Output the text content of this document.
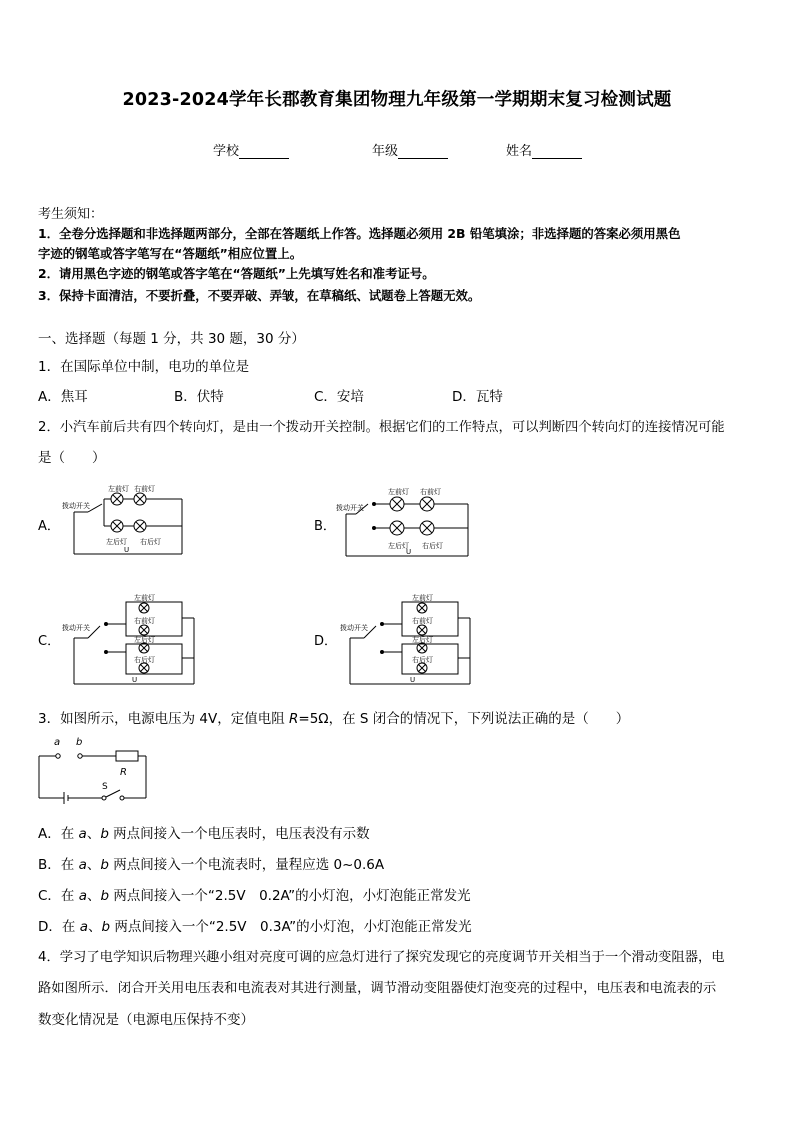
2023-2024学年长郡教育集团物理九年级第一学期期末复习检测试题
学校	年级	姓名
考生须知：
1．全卷分选择题和非选择题两部分，全部在答题纸上作答。选择题必须用 2B 铅笔填涂；非选择题的答案必须用黑色
字迹的钢笔或答字笔写在“答题纸”相应位置上。
2．请用黑色字迹的钢笔或答字笔在“答题纸”上先填写姓名和准考证号。
3．保持卡面清洁，不要折叠，不要弄破、弄皱，在草稿纸、试题卷上答题无效。
一、选择题（每题 1 分，共 30 题，30 分）
1．在国际单位中制，电功的单位是
A．焦耳	B．伏特	C．安培	D．瓦特
2．小汽车前后共有四个转向灯，是由一个拨动开关控制。根据它们的工作特点，可以判断四个转向灯的连接情况可能
是（　　）
A．	B．
C．	D．
拨动开关
左前灯 右前灯
左后灯 右后灯
U
拨动开关
左前灯 右前灯
左后灯 右后灯
U
拨动开关
左前灯
右前灯
左后灯
右后灯
U
拨动开关
左前灯
右前灯
左后灯
右后灯
U
3．如图所示，电源电压为 4V，定值电阻 R=5Ω，在 S 闭合的情况下，下列说法正确的是（　　）
a b
R
S
A．在 a、b 两点间接入一个电压表时，电压表没有示数
B．在 a、b 两点间接入一个电流表时，量程应选 0~0.6A
C．在 a、b 两点间接入一个“2.5V　0.2A”的小灯泡，小灯泡能正常发光
D．在 a、b 两点间接入一个“2.5V　0.3A”的小灯泡，小灯泡能正常发光
4．学习了电学知识后物理兴趣小组对亮度可调的应急灯进行了探究发现它的亮度调节开关相当于一个滑动变阻器，电
路如图所示．闭合开关用电压表和电流表对其进行测量，调节滑动变阻器使灯泡变亮的过程中，电压表和电流表的示
数变化情况是（电源电压保持不变）
